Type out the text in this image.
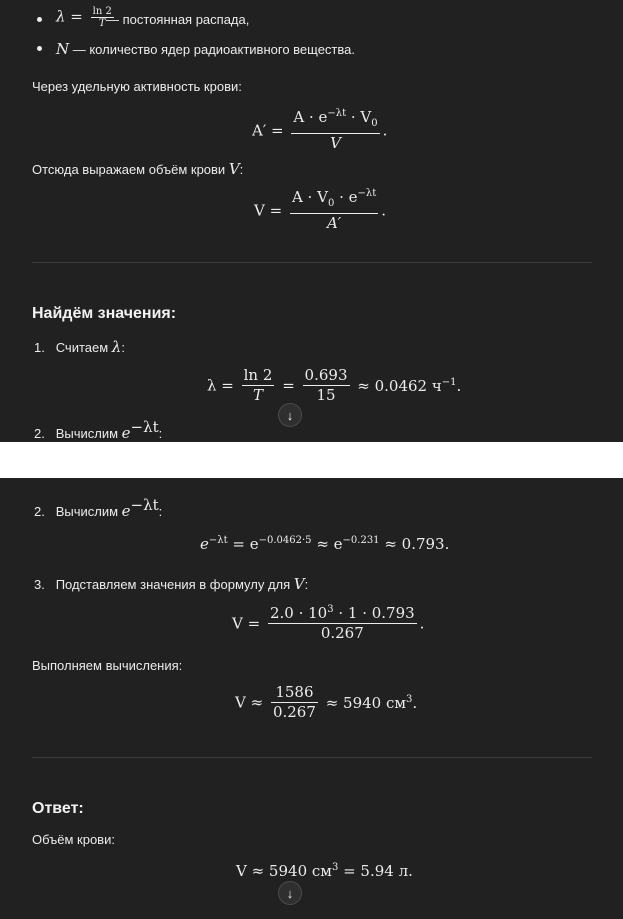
$\lambda = \frac{\ln 2}{T}$
— постоянная распада,
N — количество ядер радиоактивного вещества.
Через удельную активность крови:
$A' = \frac{A \cdot e^{-\lambda t} \cdot V_0}{V}$ .
Отсюда выражаем объём крови V:
$V = \frac{A \cdot V_0 \cdot e^{-\lambda t}}{A'}$ .
Найдём значения:
1. Считаем λ:
$\lambda = \frac{\ln 2}{T} = \frac{0.693}{15} \approx 0.0462$ $ч^{-1}$.
↓
2. Вычислим $e^{-\lambda t}$:
2. Вычислим $e^{-\lambda t}$:
$e^{-\lambda t} = e^{-0.0462\cdot 5} \approx e^{-0.231} \approx 0.793$.
3. Подставляем значения в формулу для V:
$V = \frac{2.0 \cdot 10^3 \cdot 1 \cdot 0.793}{0.267}$ .
Выполняем вычисления:
$V \approx \frac{1586}{0.267} \approx 5940$ $см^3$.
Ответ:
Объём крови:
V ≈ 5940 $см^3 = 5.94$ л.
↓
